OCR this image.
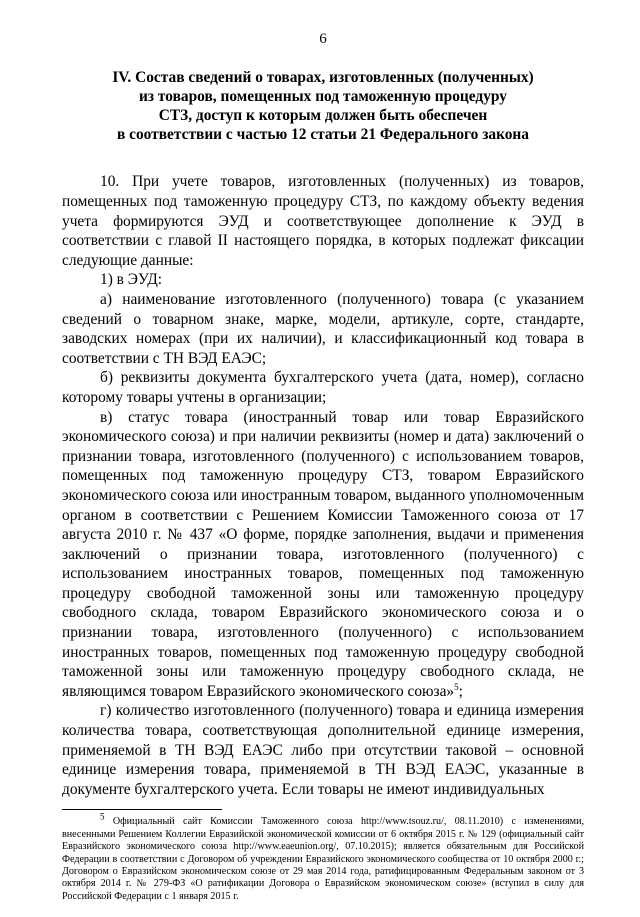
6
IV. Состав сведений о товарах, изготовленных (полученных)
из товаров, помещенных под таможенную процедуру
СТЗ, доступ к которым должен быть обеспечен
в соответствии с частью 12 статьи 21 Федерального закона

10. При учете товаров, изготовленных (полученных) из товаров, помещенных под таможенную процедуру СТЗ, по каждому объекту ведения учета формируются ЭУД и соответствующее дополнение к ЭУД в соответствии с главой II настоящего порядка, в которых подлежат фиксации следующие данные:

1) в ЭУД:

а) наименование изготовленного (полученного) товара (с указанием сведений о товарном знаке, марке, модели, артикуле, сорте, стандарте, заводских номерах (при их наличии), и классификационный код товара в соответствии с ТН ВЭД ЕАЭС;

б) реквизиты документа бухгалтерского учета (дата, номер), согласно которому товары учтены в организации;

в) статус товара (иностранный товар или товар Евразийского экономического союза) и при наличии реквизиты (номер и дата) заключений о признании товара, изготовленного (полученного) с использованием товаров, помещенных под таможенную процедуру СТЗ, товаром Евразийского экономического союза или иностранным товаром, выданного уполномоченным органом в соответствии с Решением Комиссии Таможенного союза от 17 августа 2010 г. № 437 «О форме, порядке заполнения, выдачи и применения заключений о признании товара, изготовленного (полученного) с использованием иностранных товаров, помещенных под таможенную процедуру свободной таможенной зоны или таможенную процедуру свободного склада, товаром Евразийского экономического союза и о признании товара, изготовленного (полученного) с использованием иностранных товаров, помещенных под таможенную процедуру свободной таможенной зоны или таможенную процедуру свободного склада, не являющимся товаром Евразийского экономического союза»$^5$;

г) количество изготовленного (полученного) товара и единица измерения количества товара, соответствующая дополнительной единице измерения, применяемой в ТН ВЭД ЕАЭС либо при отсутствии таковой – основной единице измерения товара, применяемой в ТН ВЭД ЕАЭС, указанные в документе бухгалтерского учета. Если товары не имеют индивидуальных

$^5$ Официальный сайт Комиссии Таможенного союза http://www.tsouz.ru/, 08.11.2010) с изменениями, внесенными Решением Коллегии Евразийской экономической комиссии от 6 октября 2015 г. № 129 (официальный сайт Евразийского экономического союза http://www.eaeunion.org/, 07.10.2015); является обязательным для Российской Федерации в соответствии с Договором об учреждении Евразийского экономического сообщества от 10 октября 2000 г.; Договором о Евразийском экономическом союзе от 29 мая 2014 года, ратифицированным Федеральным законом от 3 октября 2014 г. № 279-ФЗ «О ратификации Договора о Евразийском экономическом союзе» (вступил в силу для Российской Федерации с 1 января 2015 г.
